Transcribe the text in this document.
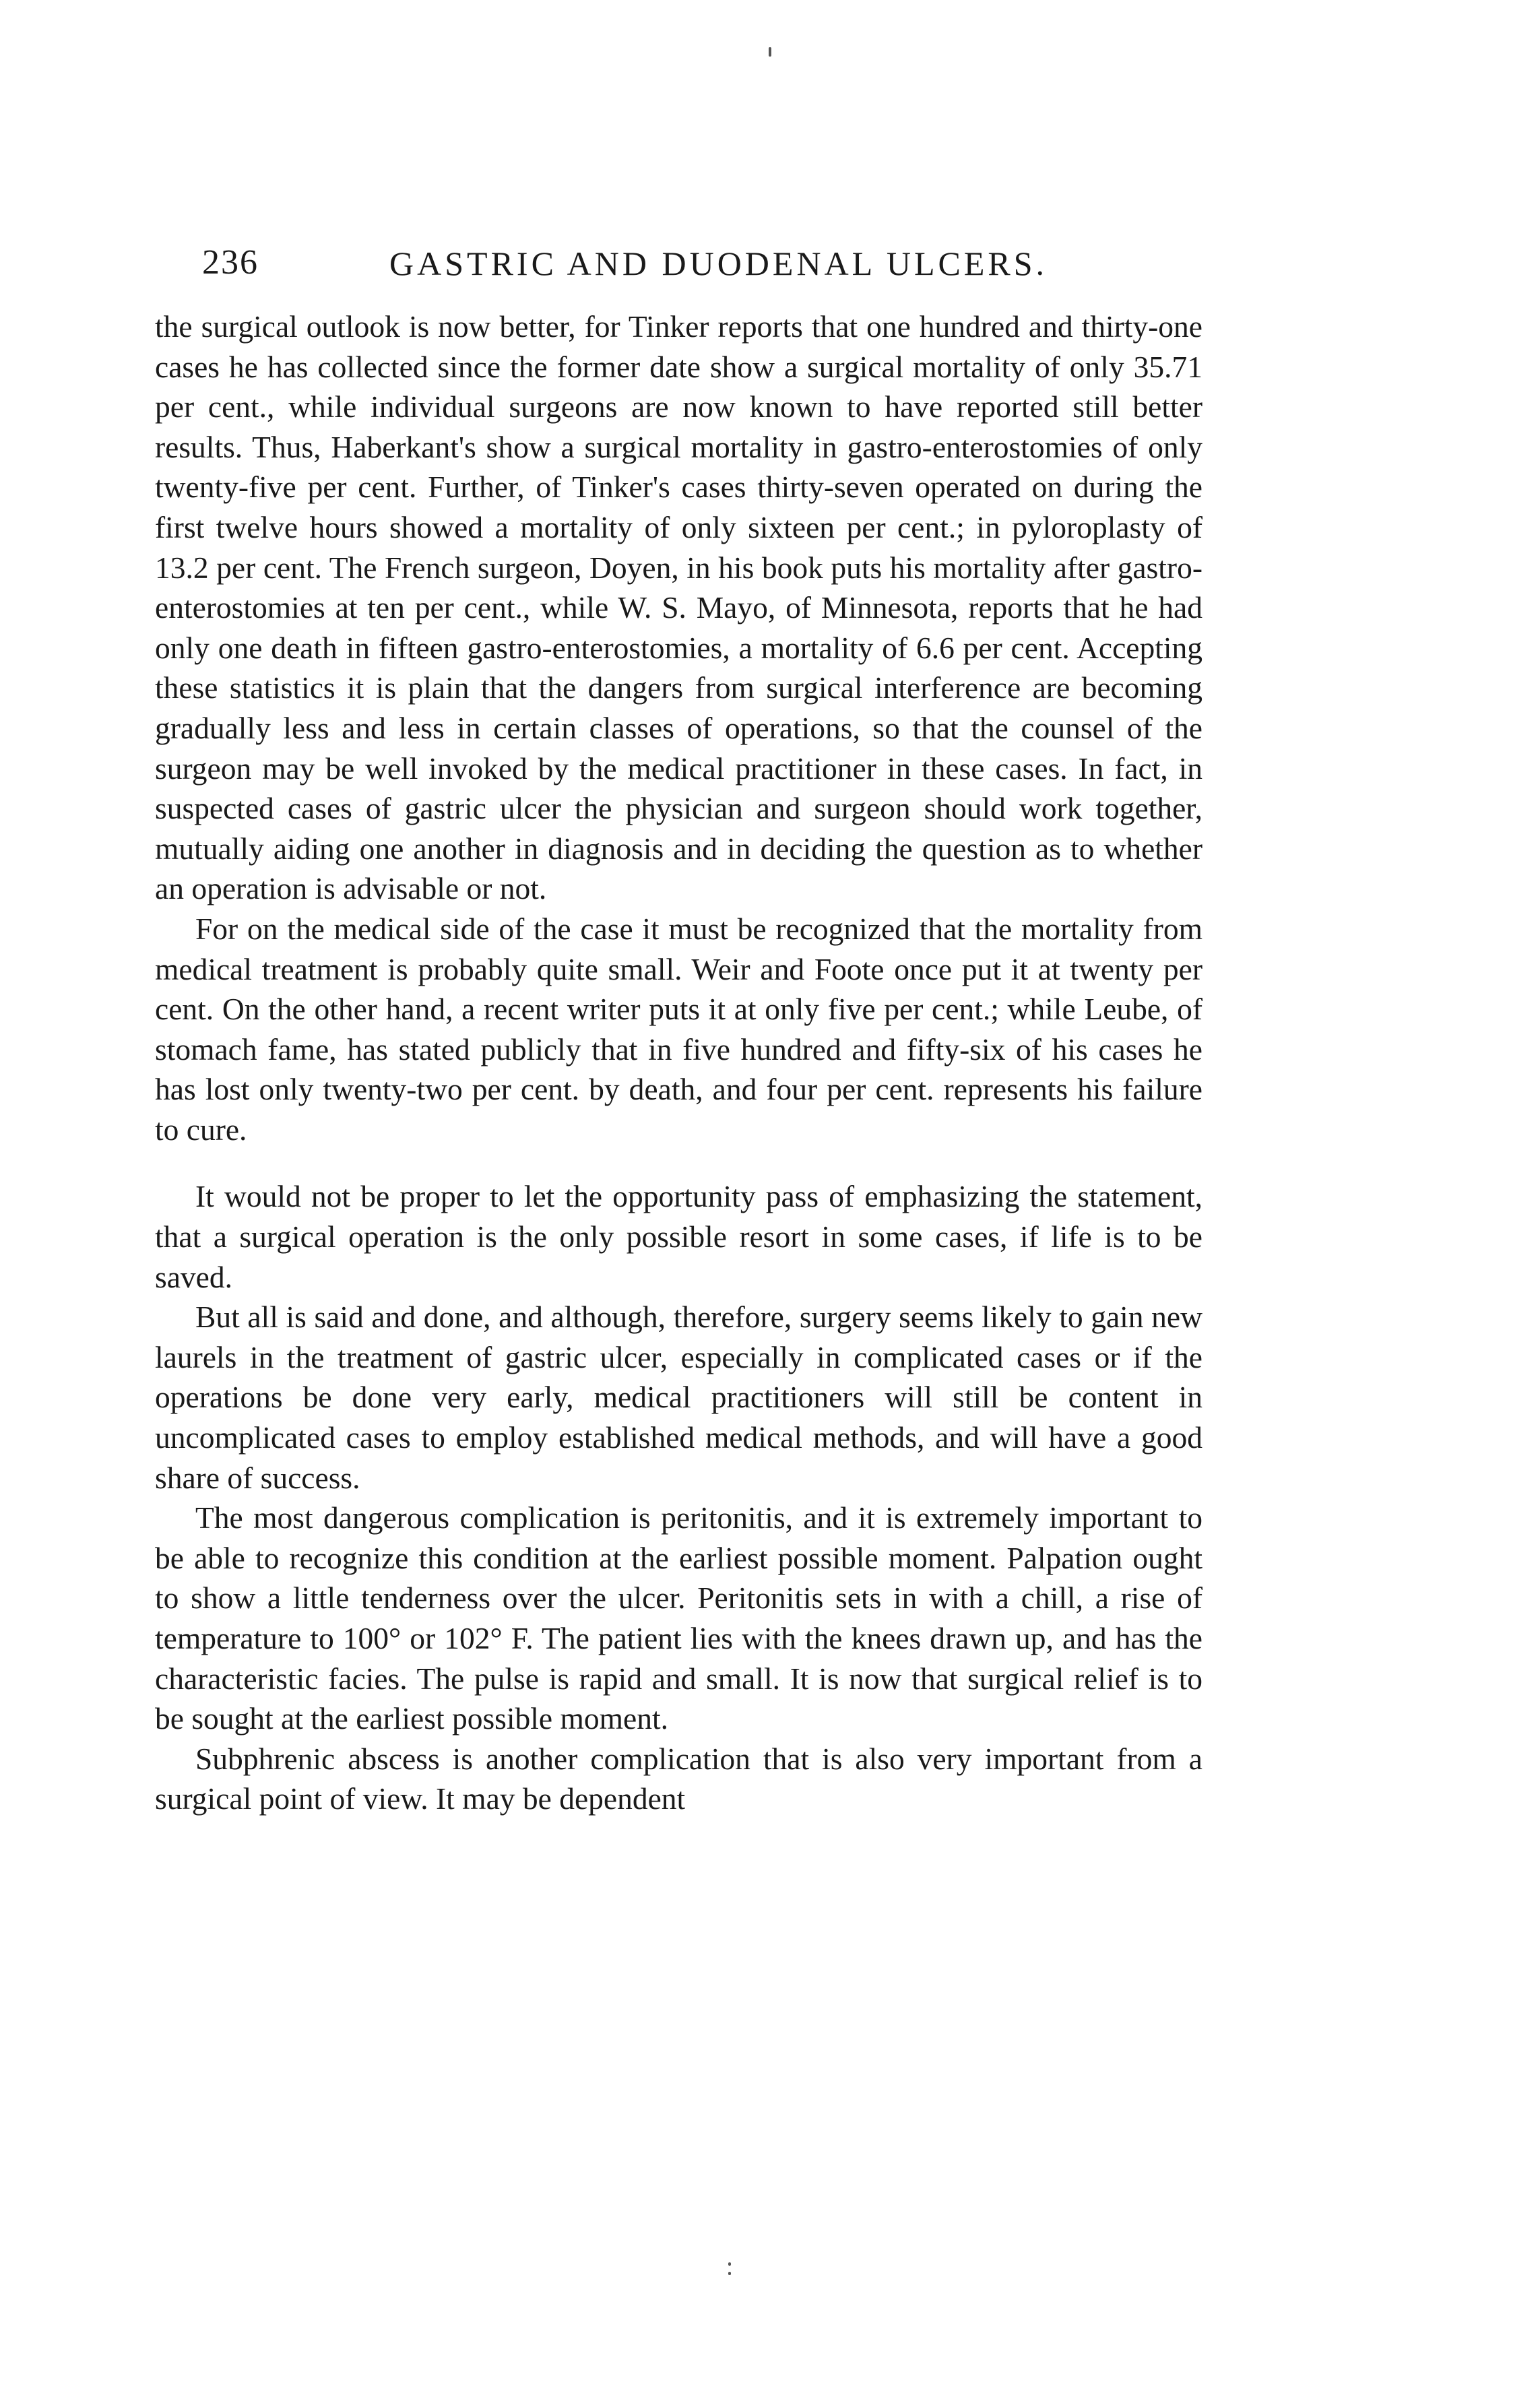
236	GASTRIC AND DUODENAL ULCERS.

the surgical outlook is now better, for Tinker reports that one hundred and thirty-one cases he has collected since the former date show a surgical mortality of only 35.71 per cent., while individual surgeons are now known to have reported still better results. Thus, Haberkant's show a surgical mortality in gastro-enterostomies of only twenty-five per cent. Further, of Tinker's cases thirty-seven operated on during the first twelve hours showed a mortality of only sixteen per cent.; in pyloroplasty of 13.2 per cent. The French surgeon, Doyen, in his book puts his mortality after gastro-enterostomies at ten per cent., while W. S. Mayo, of Minnesota, reports that he had only one death in fifteen gastro-enterostomies, a mortality of 6.6 per cent. Accepting these statistics it is plain that the dangers from surgical interference are becoming gradually less and less in certain classes of operations, so that the counsel of the surgeon may be well invoked by the medical practitioner in these cases. In fact, in suspected cases of gastric ulcer the physician and surgeon should work together, mutually aiding one another in diagnosis and in deciding the question as to whether an operation is advisable or not.

For on the medical side of the case it must be recognized that the mortality from medical treatment is probably quite small. Weir and Foote once put it at twenty per cent. On the other hand, a recent writer puts it at only five per cent.; while Leube, of stomach fame, has stated publicly that in five hundred and fifty-six of his cases he has lost only twenty-two per cent. by death, and four per cent. represents his failure to cure.

It would not be proper to let the opportunity pass of emphasizing the statement, that a surgical operation is the only possible resort in some cases, if life is to be saved.

But all is said and done, and although, therefore, surgery seems likely to gain new laurels in the treatment of gastric ulcer, especially in complicated cases or if the operations be done very early, medical practitioners will still be content in uncomplicated cases to employ established medical methods, and will have a good share of success.

The most dangerous complication is peritonitis, and it is extremely important to be able to recognize this condition at the earliest possible moment. Palpation ought to show a little tenderness over the ulcer. Peritonitis sets in with a chill, a rise of temperature to 100° or 102° F. The patient lies with the knees drawn up, and has the characteristic facies. The pulse is rapid and small. It is now that surgical relief is to be sought at the earliest possible moment.

Subphrenic abscess is another complication that is also very important from a surgical point of view. It may be dependent
